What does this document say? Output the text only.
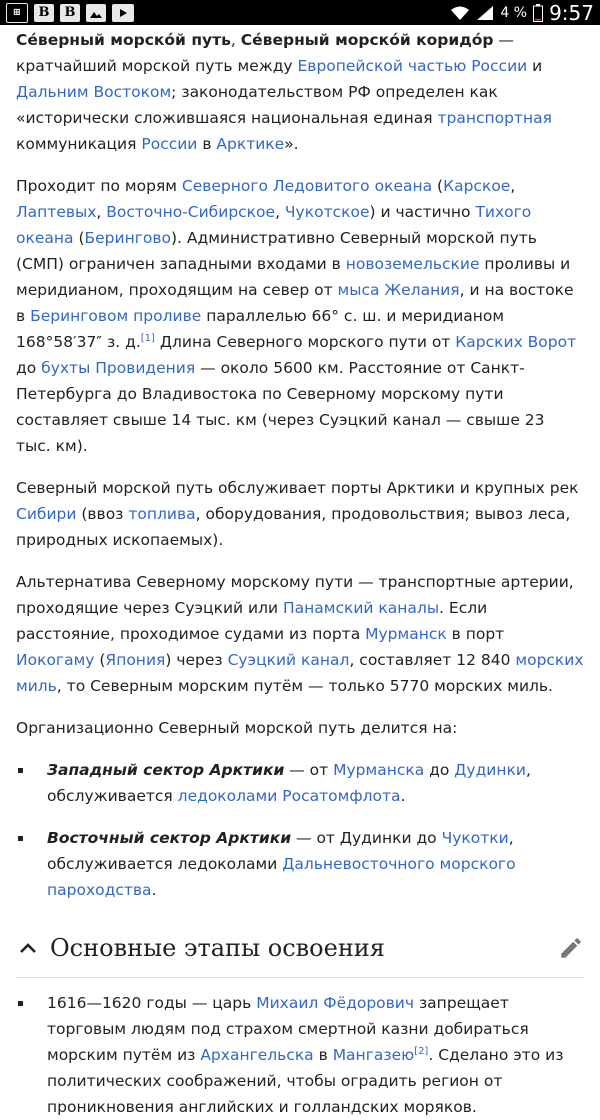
⊞	B	B	4 % 9:57

Се́верный морско́й путь, Се́верный морско́й коридо́р — кратчайший морской путь между Европейской частью России и Дальним Востоком; законодательством РФ определен как «исторически сложившаяся национальная единая транспортная коммуникация России в Арктике».

Проходит по морям Северного Ледовитого океана (Карское, Лаптевых, Восточно-Сибирское, Чукотское) и частично Тихого океана (Берингово). Административно Северный морской путь (СМП) ограничен западными входами в новоземельские проливы и меридианом, проходящим на север от мыса Желания, и на востоке в Беринговом проливе параллелью 66° с. ш. и меридианом 168°58′37″ з. д.[1] Длина Северного морского пути от Карских Ворот до бухты Провидения — около 5600 км. Расстояние от Санкт-Петербурга до Владивостока по Северному морскому пути составляет свыше 14 тыс. км (через Суэцкий канал — свыше 23 тыс. км).

Северный морской путь обслуживает порты Арктики и крупных рек Сибири (ввоз топлива, оборудования, продовольствия; вывоз леса, природных ископаемых).

Альтернатива Северному морскому пути — транспортные артерии, проходящие через Суэцкий или Панамский каналы. Если расстояние, проходимое судами из порта Мурманск в порт Иокогаму (Япония) через Суэцкий канал, составляет 12 840 морских миль, то Северным морским путём — только 5770 морских миль.

Организационно Северный морской путь делится на:

Западный сектор Арктики — от Мурманска до Дудинки, обслуживается ледоколами Росатомфлота.
Восточный сектор Арктики — от Дудинки до Чукотки, обслуживается ледоколами Дальневосточного морского пароходства.
Основные этапы освоения
1616—1620 годы — царь Михаил Фёдорович запрещает торговым людям под страхом смертной казни добираться морским путём из Архангельска в Мангазею[2]. Сделано это из политических соображений, чтобы оградить регион от проникновения английских и голландских моряков.
